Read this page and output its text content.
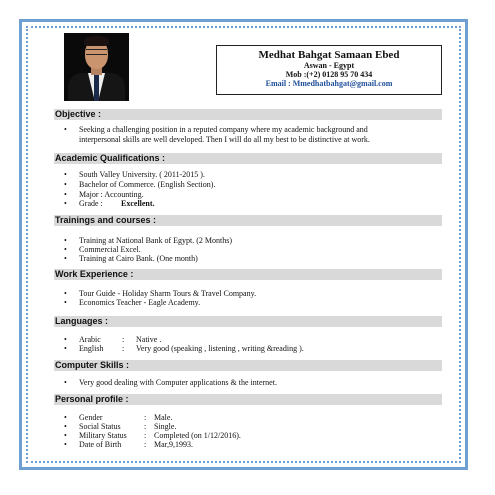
Medhat Bahgat Samaan Ebed
Aswan - Egypt
Mob :(+2) 0128 95 70 434
Email : Mmedhatbahgat@gmail.com
Objective :
• Seeking a challenging position in a reputed company where my academic background and
interpersonal skills are well developed. Then I will do all my best to be distinctive at work.
Academic Qualifications :
• South Valley University. ( 2011-2015 ).
• Bachelor of Commerce. (English Section).
• Major : Accounting.
• Grade : Excellent.
Trainings and courses :
• Training at National Bank of Egypt. (2 Months)
• Commercial Excel.
• Training at Cairo Bank. (One month)
Work Experience :
• Tour Guide - Holiday Sharm Tours & Travel Company.
• Economics Teacher - Eagle Academy.
Languages :
• Arabic	: Native .
• English : Very good (speaking , listening , writing &reading ).
Computer Skills :
• Very good dealing with Computer applications & the internet.
Personal profile :
• Gender	: Male.
• Social Status	: Single.
• Military Status : Completed (on 1/12/2016).
• Date of Birth	: Mar,9,1993.
